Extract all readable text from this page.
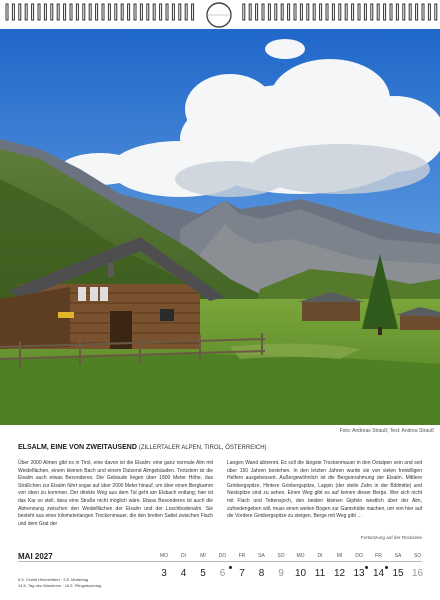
Foto: Andreas Strauß; Text: Andrea Strauß
ELSALM, EINE VON ZWEITAUSEND (ZILLERTALER ALPEN, TIROL, ÖSTERREICH)

Über 2000 Almen gibt es in Tirol, eine davon ist die Elsalm: eine ganz normale Alm mit Weideflächen, einem kleinen Bach und einem Dutzend Almgebäuden. Trotzdem ist die Elsalm auch etwas Besonderes. Die Gebäude liegen über 1800 Meter Höhe, das Sträßchen zur Elsalm führt sogar auf über 2000 Meter hinauf, um über einen Bergkamm von oben zu kommen. Der direkte Weg aus dem Tal geht am Elsbach entlang; hier ist das Kar so steil, dass eine Straße nicht möglich wäre. Etwas Besonderes ist auch die Abtrennung zwischen den Weideflächen der Elsalm und der Loschbodenalm. Sie besteht aus einer kilometerlangen Trockenmauer, die den breiten Sattel zwischen Flach und dem Grat der

Langen Wand abtrennt. Es soll die längste Trockenmauer in den Ostalpen sein und seit über 150 Jahren bestehen. In den letzten Jahren wurde sie von vielen freiwilligen Helfern ausgebessert. Außergewöhnlich ist die Bergeinrahmung der Elsalm. Mittlere Grinbergspitze, Hintere Grinbergspitze, Lappin (der steile Zahn in der Bildmitte) und Nestspitze sind zu sehen. Einen Weg gibt es auf keinen dieser Berge. Wer sich nicht mit Flach und Tettensjoch, den beiden kleinen Gipfeln westlich über der Alm, zufriedengeben will, muss einen weiten Bogen zur Gamshütte machen, um von hier auf die Vordere Grinbergspitze zu steigen. Berge mit Weg gibt …

Fortsetzung auf der Rückseite
MAI 2027
6.5. Christi Himmelfahrt · 9.5. Muttertag
14.5. Tag des Wanderns · 16.5. Pfingstsonntag
MO
3
DI
4
MI
5
DO
6
FR
7
SA
8
SO
9
MO
10
DI
11
MI
12
DO
13
FR
14
SA
15
SO
16
